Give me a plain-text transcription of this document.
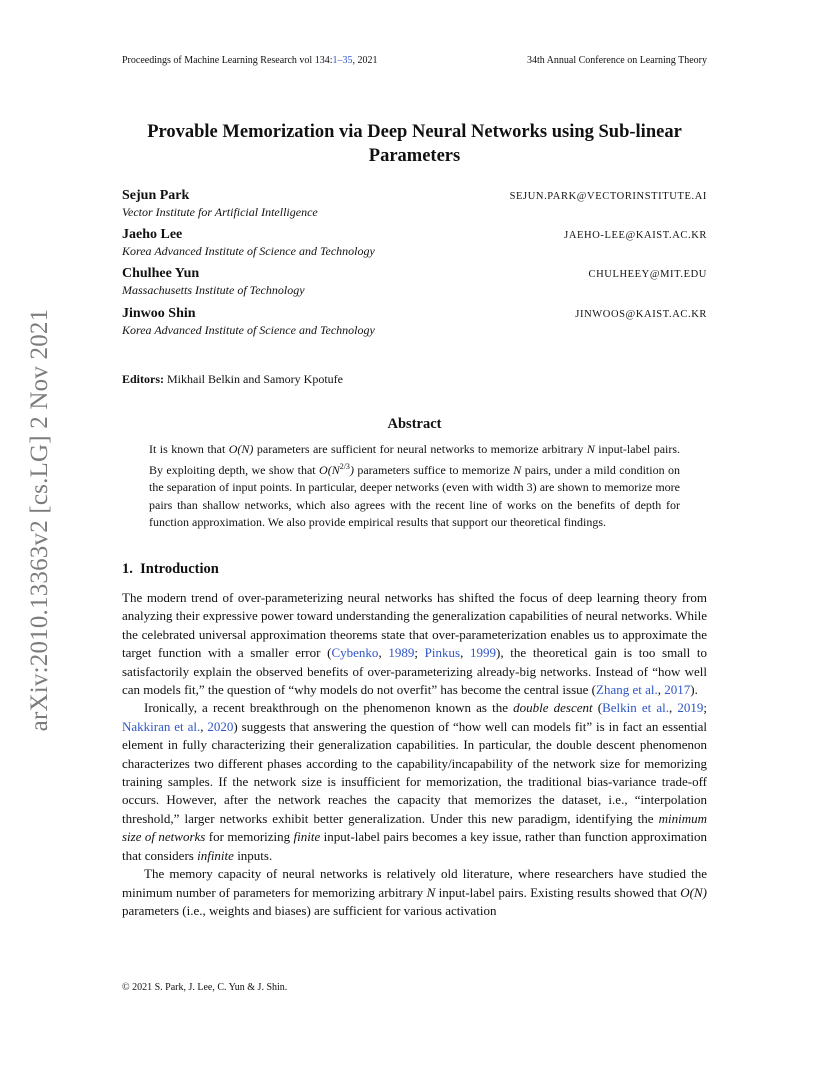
Proceedings of Machine Learning Research vol 134:1–35, 2021	34th Annual Conference on Learning Theory
arXiv:2010.13363v2 [cs.LG] 2 Nov 2021
Provable Memorization via Deep Neural Networks using Sub-linear Parameters
Sejun Park	SEJUN.PARK@VECTORINSTITUTE.AI
Vector Institute for Artificial Intelligence
Jaeho Lee	JAEHO-LEE@KAIST.AC.KR
Korea Advanced Institute of Science and Technology
Chulhee Yun	CHULHEEY@MIT.EDU
Massachusetts Institute of Technology
Jinwoo Shin	JINWOOS@KAIST.AC.KR
Korea Advanced Institute of Science and Technology
Editors: Mikhail Belkin and Samory Kpotufe
Abstract

It is known that O(N) parameters are sufficient for neural networks to memorize arbitrary N input-label pairs. By exploiting depth, we show that $O(N^{2/3})$ parameters suffice to memorize N pairs, under a mild condition on the separation of input points. In particular, deeper networks (even with width 3) are shown to memorize more pairs than shallow networks, which also agrees with the recent line of works on the benefits of depth for function approximation. We also provide empirical results that support our theoretical findings.

1. Introduction

The modern trend of over-parameterizing neural networks has shifted the focus of deep learning theory from analyzing their expressive power toward understanding the generalization capabilities of neural networks. While the celebrated universal approximation theorems state that over-parameterization enables us to approximate the target function with a smaller error (Cybenko, 1989; Pinkus, 1999), the theoretical gain is too small to satisfactorily explain the observed benefits of over-parameterizing already-big networks. Instead of “how well can models fit,” the question of “why models do not overfit” has become the central issue (Zhang et al., 2017).

Ironically, a recent breakthrough on the phenomenon known as the double descent (Belkin et al., 2019; Nakkiran et al., 2020) suggests that answering the question of “how well can models fit” is in fact an essential element in fully characterizing their generalization capabilities. In particular, the double descent phenomenon characterizes two different phases according to the capability/incapability of the network size for memorizing training samples. If the network size is insufficient for memorization, the traditional bias-variance trade-off occurs. However, after the network reaches the capacity that memorizes the dataset, i.e., “interpolation threshold,” larger networks exhibit better generalization. Under this new paradigm, identifying the minimum size of networks for memorizing finite input-label pairs becomes a key issue, rather than function approximation that considers infinite inputs.

The memory capacity of neural networks is relatively old literature, where researchers have studied the minimum number of parameters for memorizing arbitrary N input-label pairs. Existing results showed that O(N) parameters (i.e., weights and biases) are sufficient for various activation

© 2021 S. Park, J. Lee, C. Yun & J. Shin.
